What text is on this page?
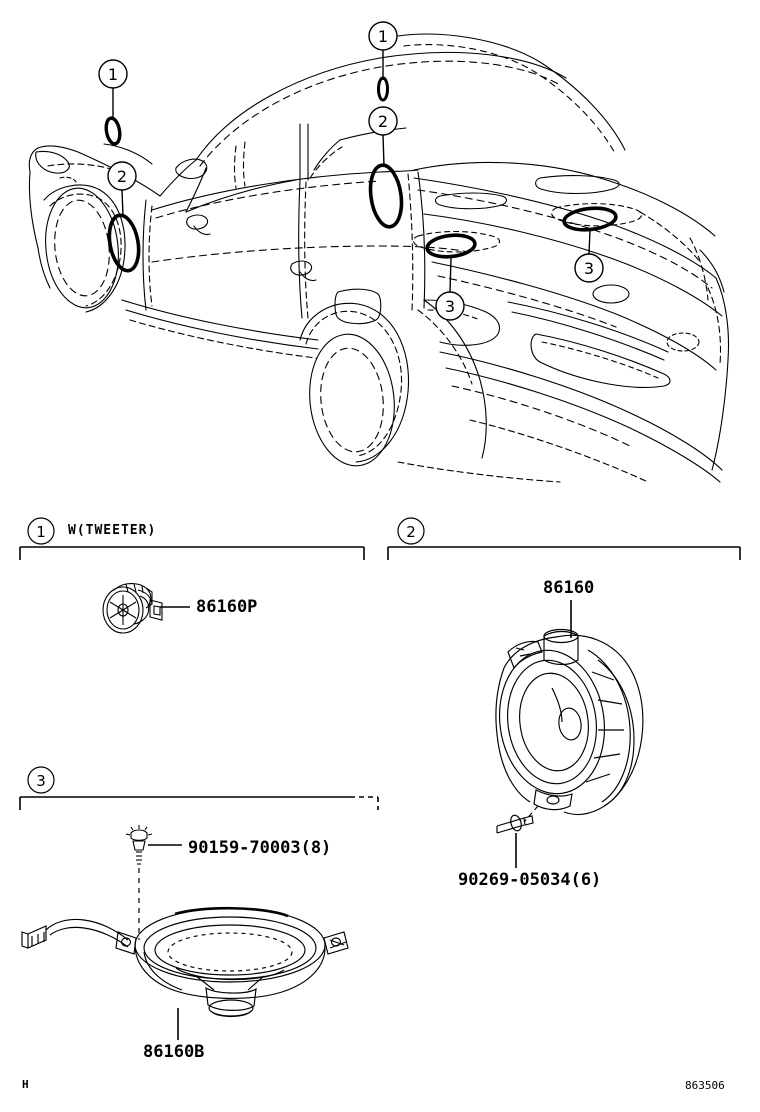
1
2
1
2
3
3
1 W(TWEETER)
86160P
2
86160
90269-05034(6)
3
90159-70003(8)
86160B
H	863506
